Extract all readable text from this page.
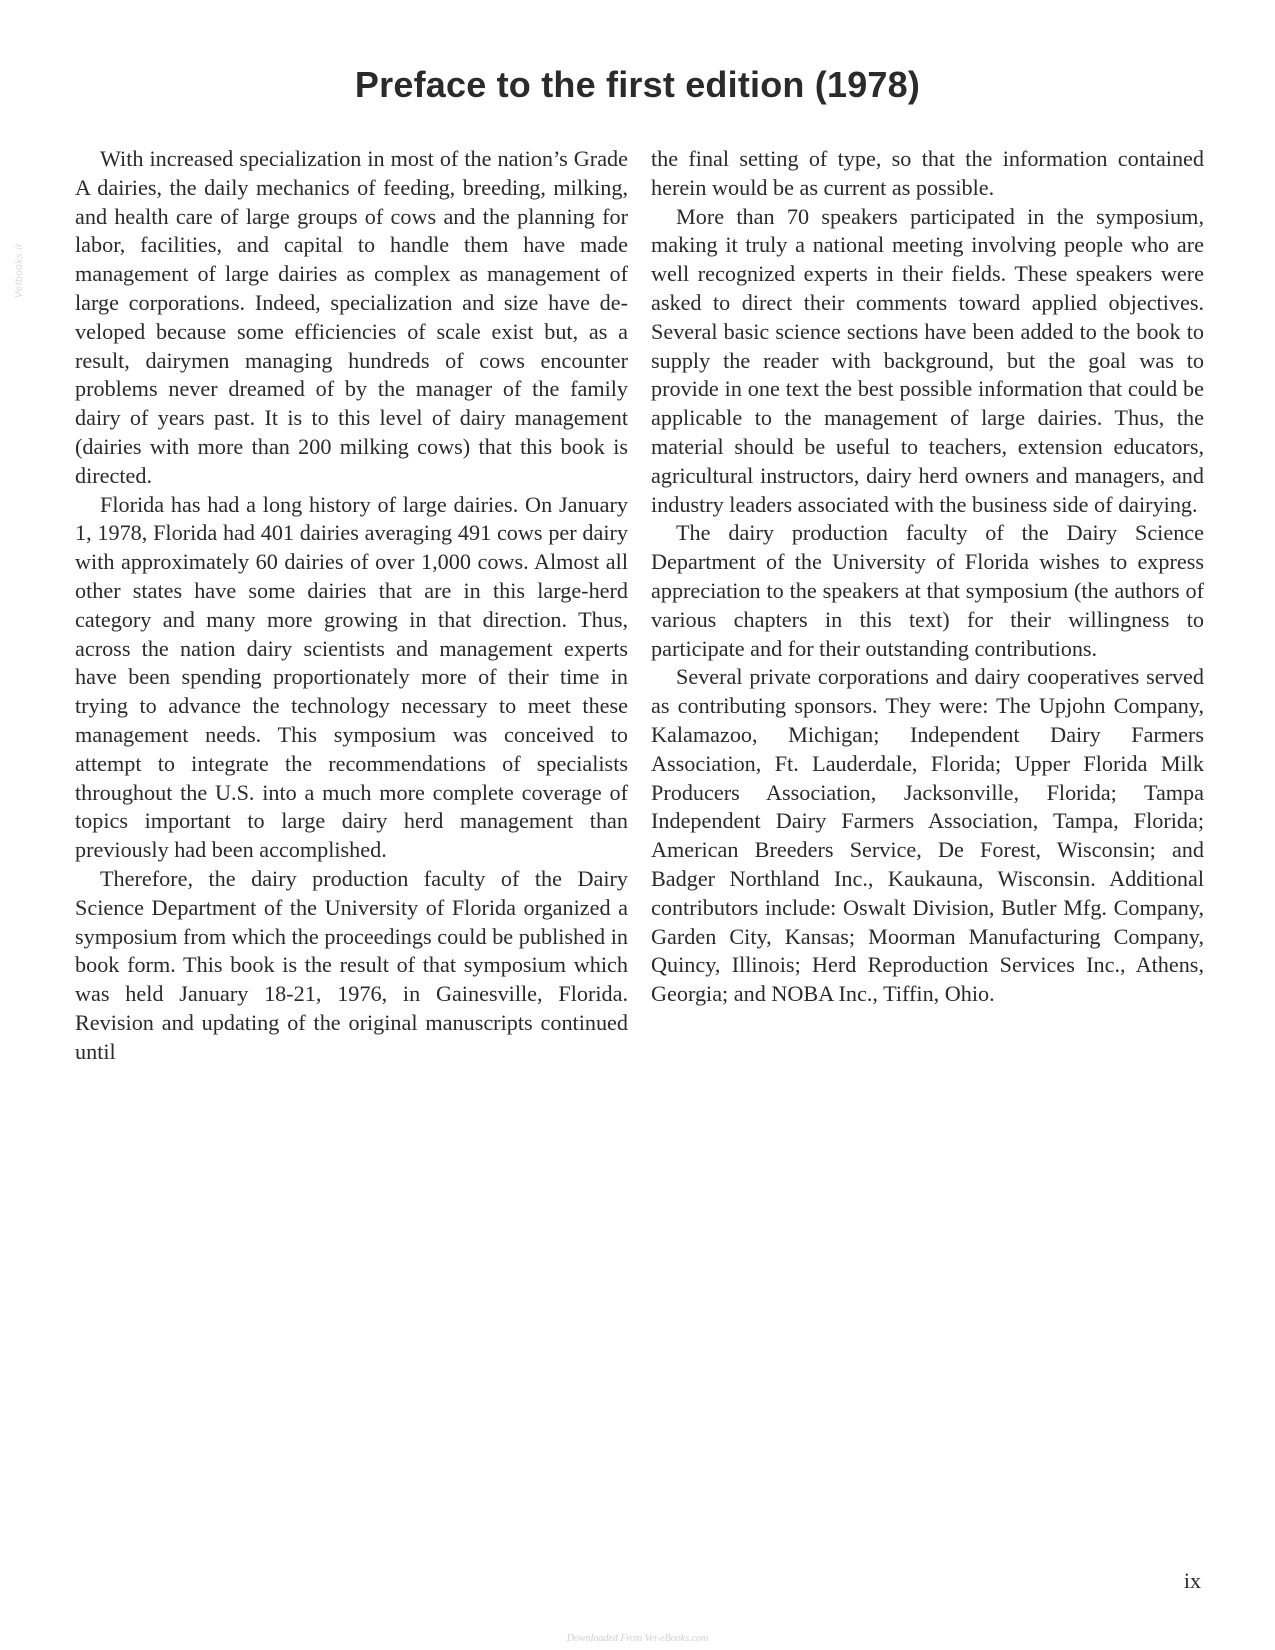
Vetbooks.ir
Preface to the first edition (1978)

With increased specialization in most of the nation’s Grade A dairies, the daily mechanics of feeding, breeding, milking, and health care of large groups of cows and the planning for labor, facilities, and capital to handle them have made management of large dairies as complex as management of large corporations. Indeed, specialization and size have developed because some efficiencies of scale exist but, as a result, dairymen managing hundreds of cows encounter problems never dreamed of by the manager of the family dairy of years past. It is to this level of dairy management (dairies with more than 200 milking cows) that this book is directed.

Florida has had a long history of large dairies. On January 1, 1978, Florida had 401 dairies averaging 491 cows per dairy with approximately 60 dairies of over 1,000 cows. Almost all other states have some dairies that are in this large-herd category and many more growing in that direction. Thus, across the nation dairy scientists and management experts have been spending proportionately more of their time in trying to advance the technology necessary to meet these management needs. This symposium was conceived to attempt to integrate the recommendations of specialists throughout the U.S. into a much more complete coverage of topics important to large dairy herd management than previously had been accomplished.

Therefore, the dairy production faculty of the Dairy Science Department of the University of Florida organized a symposium from which the proceedings could be published in book form. This book is the result of that symposium which was held January 18-21, 1976, in Gainesville, Florida. Revision and updating of the original manuscripts continued until

the final setting of type, so that the information contained herein would be as current as possible.

More than 70 speakers participated in the symposium, making it truly a national meeting involving people who are well recognized experts in their fields. These speakers were asked to direct their comments toward applied objectives. Several basic science sections have been added to the book to supply the reader with background, but the goal was to provide in one text the best possible information that could be applicable to the management of large dairies. Thus, the material should be useful to teachers, extension educators, agricultural instructors, dairy herd owners and managers, and industry leaders associated with the business side of dairying.

The dairy production faculty of the Dairy Science Department of the University of Florida wishes to express appreciation to the speakers at that symposium (the authors of various chapters in this text) for their willingness to participate and for their outstanding contributions.

Several private corporations and dairy cooperatives served as contributing sponsors. They were: The Upjohn Company, Kalamazoo, Michigan; Independent Dairy Farmers Association, Ft. Lauderdale, Florida; Upper Florida Milk Producers Association, Jacksonville, Florida; Tampa Independent Dairy Farmers Association, Tampa, Florida; American Breeders Service, De Forest, Wisconsin; and Badger Northland Inc., Kaukauna, Wisconsin. Additional contributors include: Oswalt Division, Butler Mfg. Company, Garden City, Kansas; Moorman Manufacturing Company, Quincy, Illinois; Herd Reproduction Services Inc., Athens, Georgia; and NOBA Inc., Tiffin, Ohio.

ix
Downloaded From Vet-eBooks.com
